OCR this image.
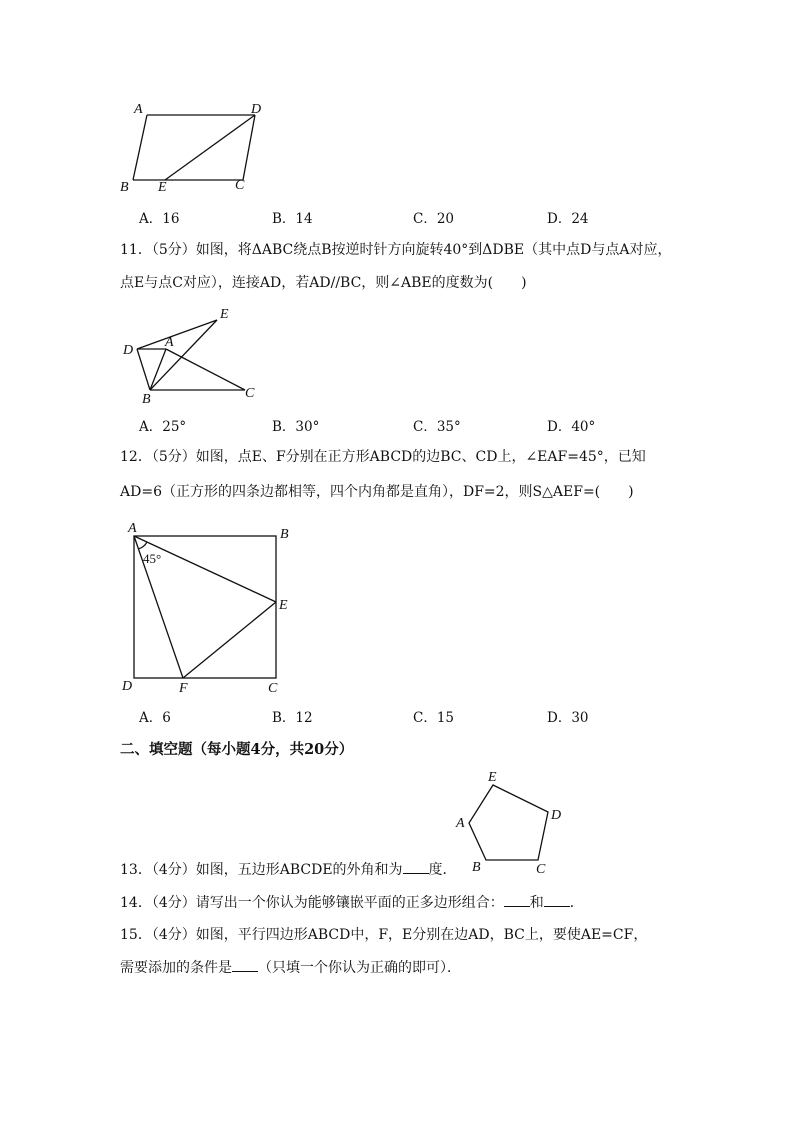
A	D
B E	C
A．16	B．14	C．20	D．24
11．（5分）如图，将ΔABC绕点B按逆时针方向旋转40°到ΔDBE（其中点D与点A对应，
点E与点C对应），连接AD，若AD//BC，则∠ABE的度数为(　　)
E
D
A
B	C
A．25°	B．30°	C．35°	D．40°
12．（5分）如图，点E、F分别在正方形ABCD的边BC、CD上，∠EAF=45°，已知
AD=6（正方形的四条边都相等，四个内角都是直角），DF=2，则S△AEF=(　　)
A	B
E
D	F	C
45°
A．6	B．12	C．15	D．30
二、填空题（每小题4分，共20分）
E
D
A
B	C
13．（4分）如图，五边形ABCDE的外角和为 度．
14．（4分）请写出一个你认为能够镶嵌平面的正多边形组合： 和 ．
15．（4分）如图，平行四边形ABCD中，F，E分别在边AD，BC上，要使AE=CF，
需要添加的条件是 （只填一个你认为正确的即可）．
